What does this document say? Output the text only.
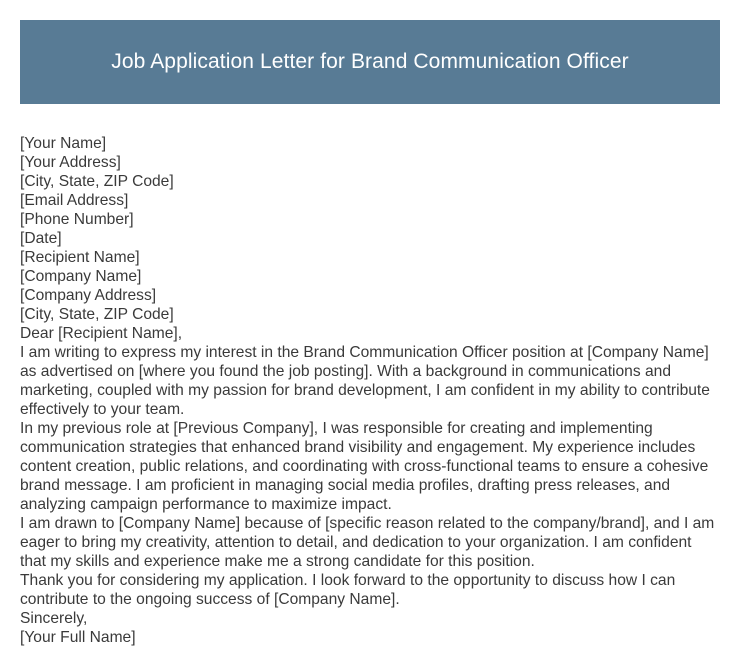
Job Application Letter for Brand Communication Officer

[Your Name]

[Your Address]

[City, State, ZIP Code]

[Email Address]

[Phone Number]

[Date]

[Recipient Name]

[Company Name]

[Company Address]

[City, State, ZIP Code]

Dear [Recipient Name],

I am writing to express my interest in the Brand Communication Officer position at [Company Name] as advertised on [where you found the job posting]. With a background in communications and marketing, coupled with my passion for brand development, I am confident in my ability to contribute effectively to your team.

In my previous role at [Previous Company], I was responsible for creating and implementing communication strategies that enhanced brand visibility and engagement. My experience includes content creation, public relations, and coordinating with cross-functional teams to ensure a cohesive brand message. I am proficient in managing social media profiles, drafting press releases, and analyzing campaign performance to maximize impact.

I am drawn to [Company Name] because of [specific reason related to the company/brand], and I am eager to bring my creativity, attention to detail, and dedication to your organization. I am confident that my skills and experience make me a strong candidate for this position.

Thank you for considering my application. I look forward to the opportunity to discuss how I can contribute to the ongoing success of [Company Name].

Sincerely,

[Your Full Name]
